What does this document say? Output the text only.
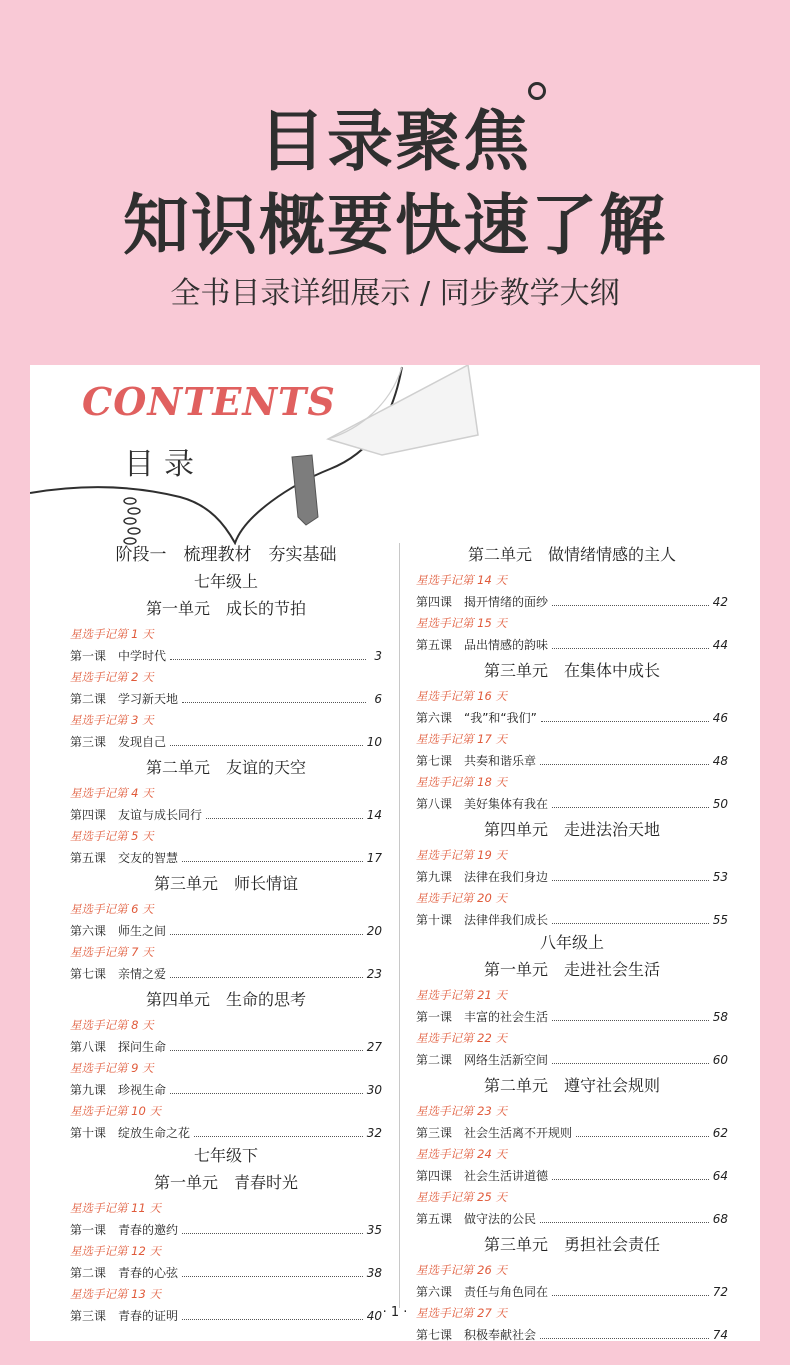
目录聚焦
知识概要快速了解
全书目录详细展示 / 同步教学大纲
CONTENTS
目录
阶段一　梳理教材　夯实基础
七年级上
第一单元　成长的节拍
星选手记第 1 天
第一课　中学时代	3
星选手记第 2 天
第二课　学习新天地	6
星选手记第 3 天
第三课　发现自己	10
第二单元　友谊的天空
星选手记第 4 天
第四课　友谊与成长同行	14
星选手记第 5 天
第五课　交友的智慧	17
第三单元　师长情谊
星选手记第 6 天
第六课　师生之间	20
星选手记第 7 天
第七课　亲情之爱	23
第四单元　生命的思考
星选手记第 8 天
第八课　探问生命	27
星选手记第 9 天
第九课　珍视生命	30
星选手记第 10 天
第十课　绽放生命之花	32
七年级下
第一单元　青春时光
星选手记第 11 天
第一课　青春的邀约	35
星选手记第 12 天
第二课　青春的心弦	38
星选手记第 13 天
第三课　青春的证明	40
第二单元　做情绪情感的主人
星选手记第 14 天
第四课　揭开情绪的面纱	42
星选手记第 15 天
第五课　品出情感的韵味	44
第三单元　在集体中成长
星选手记第 16 天
第六课　“我”和“我们”	46
星选手记第 17 天
第七课　共奏和谐乐章	48
星选手记第 18 天
第八课　美好集体有我在	50
第四单元　走进法治天地
星选手记第 19 天
第九课　法律在我们身边	53
星选手记第 20 天
第十课　法律伴我们成长	55
八年级上
第一单元　走进社会生活
星选手记第 21 天
第一课　丰富的社会生活	58
星选手记第 22 天
第二课　网络生活新空间	60
第二单元　遵守社会规则
星选手记第 23 天
第三课　社会生活离不开规则	62
星选手记第 24 天
第四课　社会生活讲道德	64
星选手记第 25 天
第五课　做守法的公民	68
第三单元　勇担社会责任
星选手记第 26 天
第六课　责任与角色同在	72
星选手记第 27 天
第七课　积极奉献社会	74
· 1 ·
